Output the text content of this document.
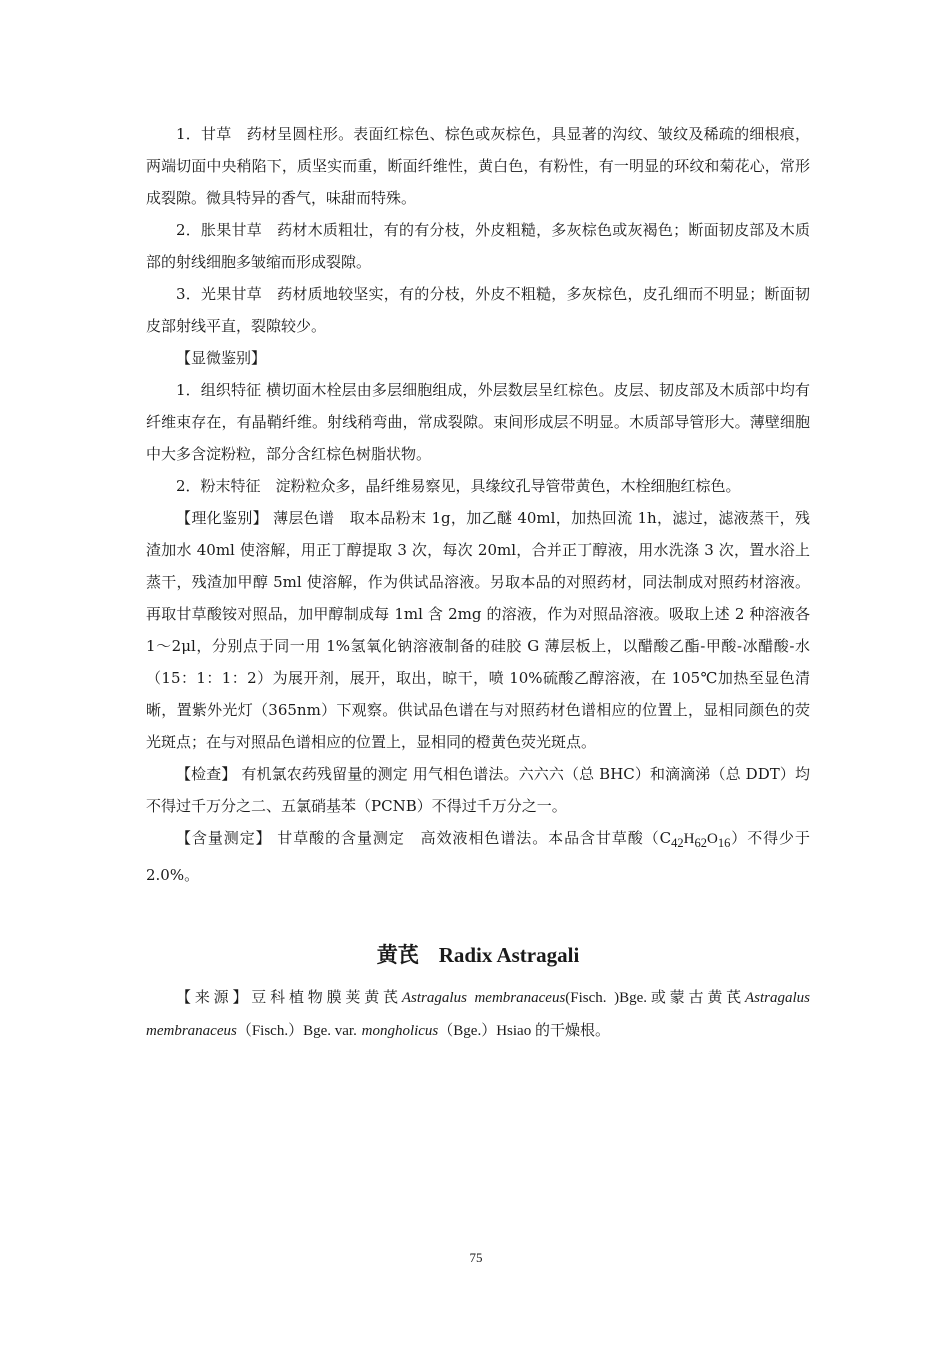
1．甘草　药材呈圆柱形。表面红棕色、棕色或灰棕色，具显著的沟纹、皱纹及稀疏的细根痕，两端切面中央稍陷下，质坚实而重，断面纤维性，黄白色，有粉性，有一明显的环纹和菊花心，常形成裂隙。微具特异的香气，味甜而特殊。

2．胀果甘草　药材木质粗壮，有的有分枝，外皮粗糙，多灰棕色或灰褐色；断面韧皮部及木质部的射线细胞多皱缩而形成裂隙。

3．光果甘草　药材质地较坚实，有的分枝，外皮不粗糙，多灰棕色，皮孔细而不明显；断面韧皮部射线平直，裂隙较少。

【显微鉴别】

1．组织特征 横切面木栓层由多层细胞组成，外层数层呈红棕色。皮层、韧皮部及木质部中均有纤维束存在，有晶鞘纤维。射线稍弯曲，常成裂隙。束间形成层不明显。木质部导管形大。薄壁细胞中大多含淀粉粒，部分含红棕色树脂状物。

2．粉末特征　淀粉粒众多，晶纤维易察见，具缘纹孔导管带黄色，木栓细胞红棕色。

【理化鉴别】 薄层色谱　取本品粉末 1g，加乙醚 40ml，加热回流 1h，滤过，滤液蒸干，残渣加水 40ml 使溶解，用正丁醇提取 3 次，每次 20ml，合并正丁醇液，用水洗涤 3 次，置水浴上蒸干，残渣加甲醇 5ml 使溶解，作为供试品溶液。另取本品的对照药材，同法制成对照药材溶液。再取甘草酸铵对照品，加甲醇制成每 1ml 含 2mg 的溶液，作为对照品溶液。吸取上述 2 种溶液各 1～2μl，分别点于同一用 1%氢氧化钠溶液制备的硅胶 G 薄层板上，以醋酸乙酯-甲酸-冰醋酸-水（15：1：1：2）为展开剂，展开，取出，晾干，喷 10%硫酸乙醇溶液，在 105℃加热至显色清晰，置紫外光灯（365nm）下观察。供试品色谱在与对照药材色谱相应的位置上，显相同颜色的荧光斑点；在与对照品色谱相应的位置上，显相同的橙黄色荧光斑点。

【检查】 有机氯农药残留量的测定 用气相色谱法。六六六（总 BHC）和滴滴涕（总 DDT）均不得过千万分之二、五氯硝基苯（PCNB）不得过千万分之一。

【含量测定】 甘草酸的含量测定　高效液相色谱法。本品含甘草酸$(C_{42}H_{62}O_{16})$不得少于 2.0%。

黄芪 Radix Astragali

【来源】豆科植物膜荚黄芪Astragalus membranaceus(Fisch. )Bge.或蒙古黄芪Astragalus membranaceus（Fisch.）Bge. var. mongholicus（Bge.）Hsiao 的干燥根。

75
